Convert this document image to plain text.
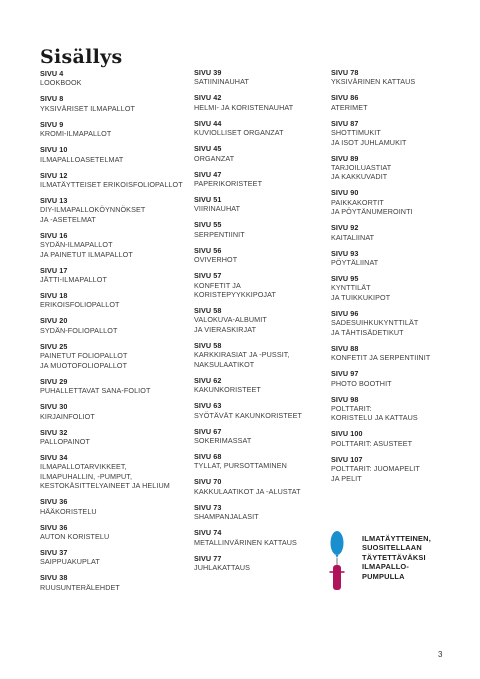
Sisällys
SIVU 4
LOOKBOOK
SIVU 8
YKSIVÄRISET ILMAPALLOT
SIVU 9
KROMI-ILMAPALLOT
SIVU 10
ILMAPALLOASETELMAT
SIVU 12
ILMATÄYTTEISET ERIKOISFOLIOPALLOT
SIVU 13
DIY-ILMAPALLOKÖYNNÖKSET
JA -ASETELMAT
SIVU 16
SYDÄN-ILMAPALLOT
JA PAINETUT ILMAPALLOT
SIVU 17
JÄTTI-ILMAPALLOT
SIVU 18
ERIKOISFOLIOPALLOT
SIVU 20
SYDÄN-FOLIOPALLOT
SIVU 25
PAINETUT FOLIOPALLOT
JA MUOTOFOLIOPALLOT
SIVU 29
PUHALLETTAVAT SANA-FOLIOT
SIVU 30
KIRJAINFOLIOT
SIVU 32
PALLOPAINOT
SIVU 34
ILMAPALLOTARVIKKEET,
ILMAPUHALLIN, -PUMPUT,
KESTOKÄSITTELYAINEET JA HELIUM
SIVU 36
HÄÄKORISTELU
SIVU 36
AUTON KORISTELU
SIVU 37
SAIPPUAKUPLAT
SIVU 38
RUUSUNTERÄLEHDET
SIVU 39
SATIININAUHAT
SIVU 42
HELMI- JA KORISTENAUHAT
SIVU 44
KUVIOLLISET ORGANZAT
SIVU 45
ORGANZAT
SIVU 47
PAPERIKORISTEET
SIVU 51
VIIRINAUHAT
SIVU 55
SERPENTIINIT
SIVU 56
OVIVERHOT
SIVU 57
KONFETIT JA
KORISTEPYYKKIPOJAT
SIVU 58
VALOKUVA-ALBUMIT
JA VIERASKIRJAT
SIVU 58
KARKKIRASIAT JA -PUSSIT,
NAKSULAATIKOT
SIVU 62
KAKUNKORISTEET
SIVU 63
SYÖTÄVÄT KAKUNKORISTEET
SIVU 67
SOKERIMASSAT
SIVU 68
TYLLAT, PURSOTTAMINEN
SIVU 70
KAKKULAATIKOT JA -ALUSTAT
SIVU 73
SHAMPANJALASIT
SIVU 74
METALLINVÄRINEN KATTAUS
SIVU 77
JUHLAKATTAUS
SIVU 78
YKSIVÄRINEN KATTAUS
SIVU 86
ATERIMET
SIVU 87
SHOTTIMUKIT
JA ISOT JUHLAMUKIT
SIVU 89
TARJOILUASTIAT
JA KAKKUVADIT
SIVU 90
PAIKKAKORTIT
JA PÖYTÄNUMEROINTI
SIVU 92
KAITALIINAT
SIVU 93
PÖYTÄLIINAT
SIVU 95
KYNTTILÄT
JA TUIKKUKIPOT
SIVU 96
SADESUIHKUKYNTTILÄT
JA TÄHTISÄDETIKUT
SIVU 88
KONFETIT JA SERPENTIINIT
SIVU 97
PHOTO BOOTHIT
SIVU 98
POLTTARIT:
KORISTELU JA KATTAUS
SIVU 100
POLTTARIT: ASUSTEET
SIVU 107
POLTTARIT: JUOMAPELIT
JA PELIT
ILMATÄYTTEINEN,
SUOSITELLAAN
TÄYTETTÄVÄKSI
ILMAPALLO-
PUMPULLA
3
